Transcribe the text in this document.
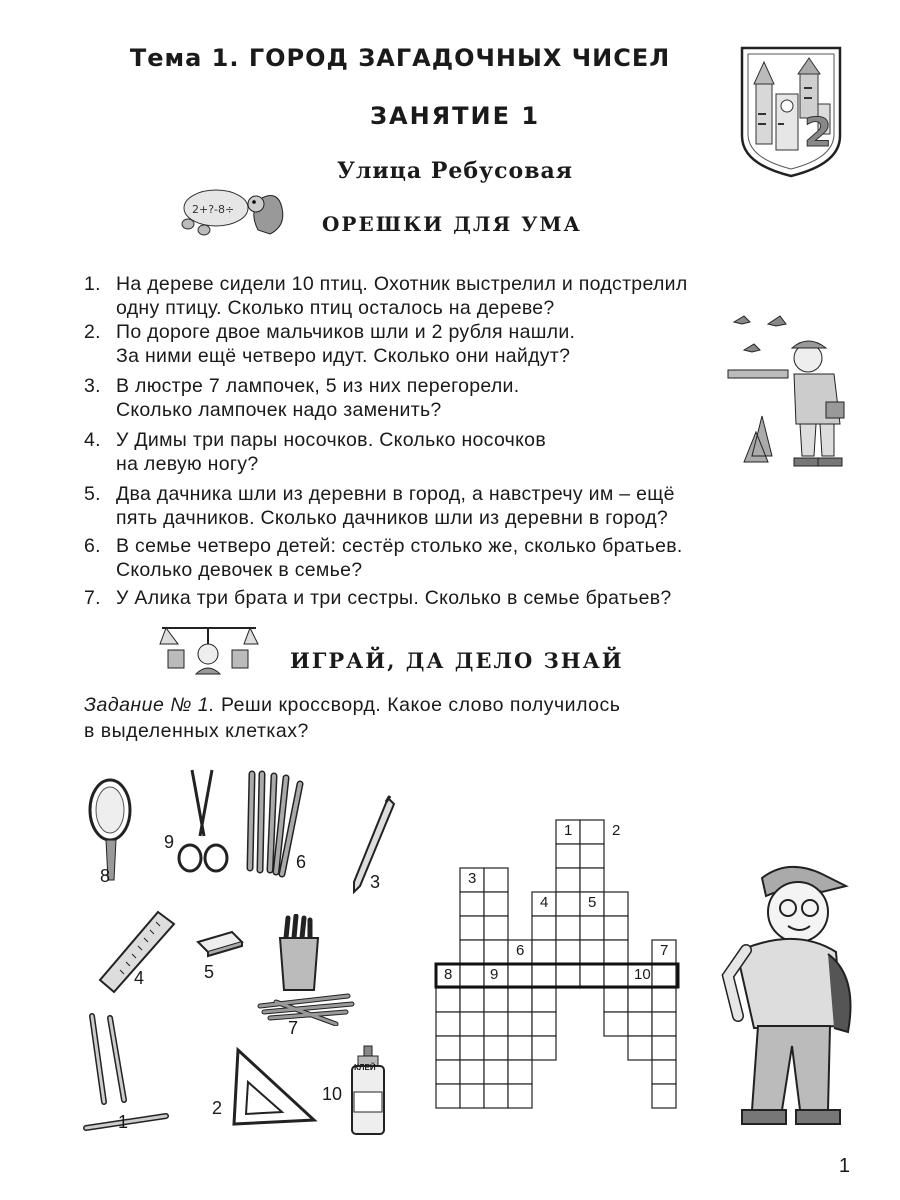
Тема 1. ГОРОД ЗАГАДОЧНЫХ ЧИСЕЛ
ЗАНЯТИЕ 1
Улица Ребусовая
2
2+?-8÷
ОРЕШКИ ДЛЯ УМА
1. На дереве сидели 10 птиц. Охотник выстрелил и подстрелил
одну птицу. Сколько птиц осталось на дереве?
2. По дороге двое мальчиков шли и 2 рубля нашли.
За ними ещё четверо идут. Сколько они найдут?
3. В люстре 7 лампочек, 5 из них перегорели.
Сколько лампочек надо заменить?
4. У Димы три пары носочков. Сколько носочков
на левую ногу?
5. Два дачника шли из деревни в город, а навстречу им – ещё
пять дачников. Сколько дачников шли из деревни в город?
6. В семье четверо детей: сестёр столько же, сколько братьев.
Сколько девочек в семье?
7. У Алика три брата и три сестры. Сколько в семье братьев?
ИГРАЙ, ДА ДЕЛО ЗНАЙ
Задание № 1. Реши кроссворд. Какое слово получилось
в выделенных клетках?
8
9
6
3
4	5
7
1
2
КЛЕЙ
10
1	2
3
4	5
6	7
8	9	10
1
